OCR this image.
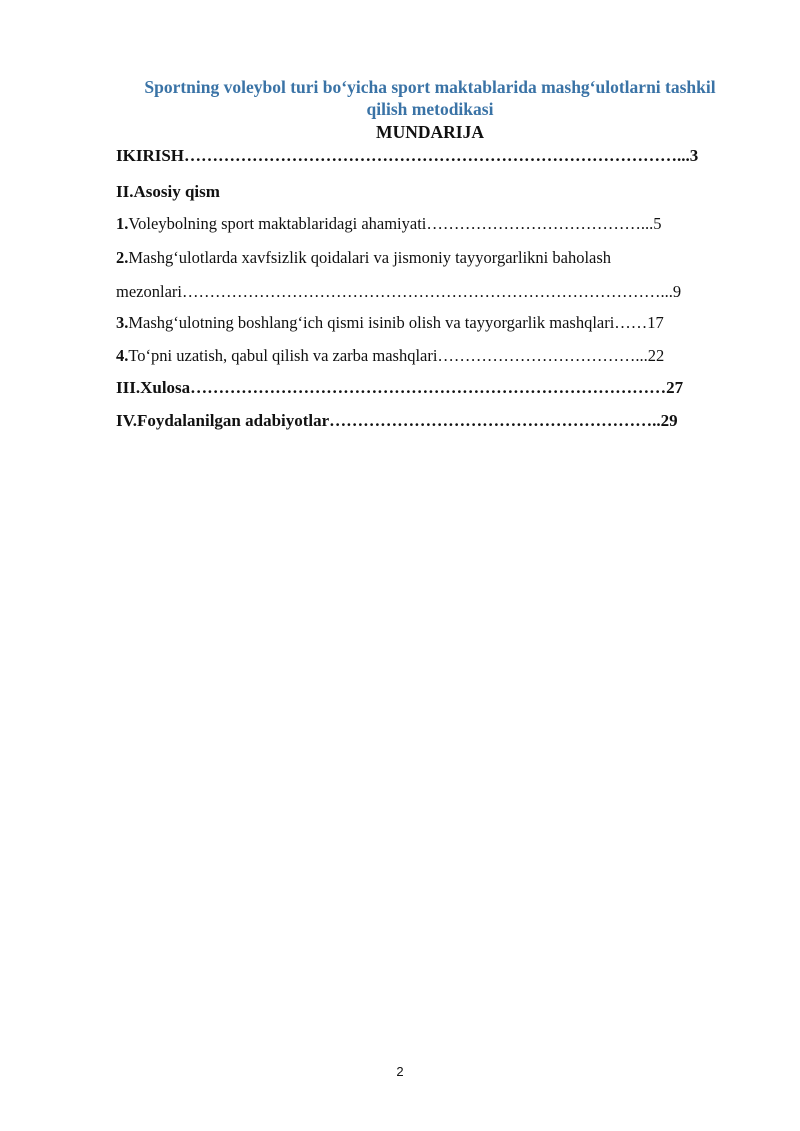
Sportning voleybol turi bo‘yicha sport maktablarida mashg‘ulotlarni tashkil
qilish metodikasi
MUNDARIJA
IKIRISH……………………………………………………………………………...3
II.Asosiy qism
1.Voleybolning sport maktablaridagi ahamiyati…………………………………...5
2.Mashg‘ulotlarda xavfsizlik qoidalari va jismoniy tayyorgarlikni baholash
mezonlari……………………………………………………………………………...9
3.Mashg‘ulotning boshlang‘ich qismi isinib olish va tayyorgarlik mashqlari……17
4.To‘pni uzatish, qabul qilish va zarba mashqlari………………………………...22
III.Xulosa…………………………………………………………………………27
IV.Foydalanilgan adabiyotlar…………………………………………………..29
2
